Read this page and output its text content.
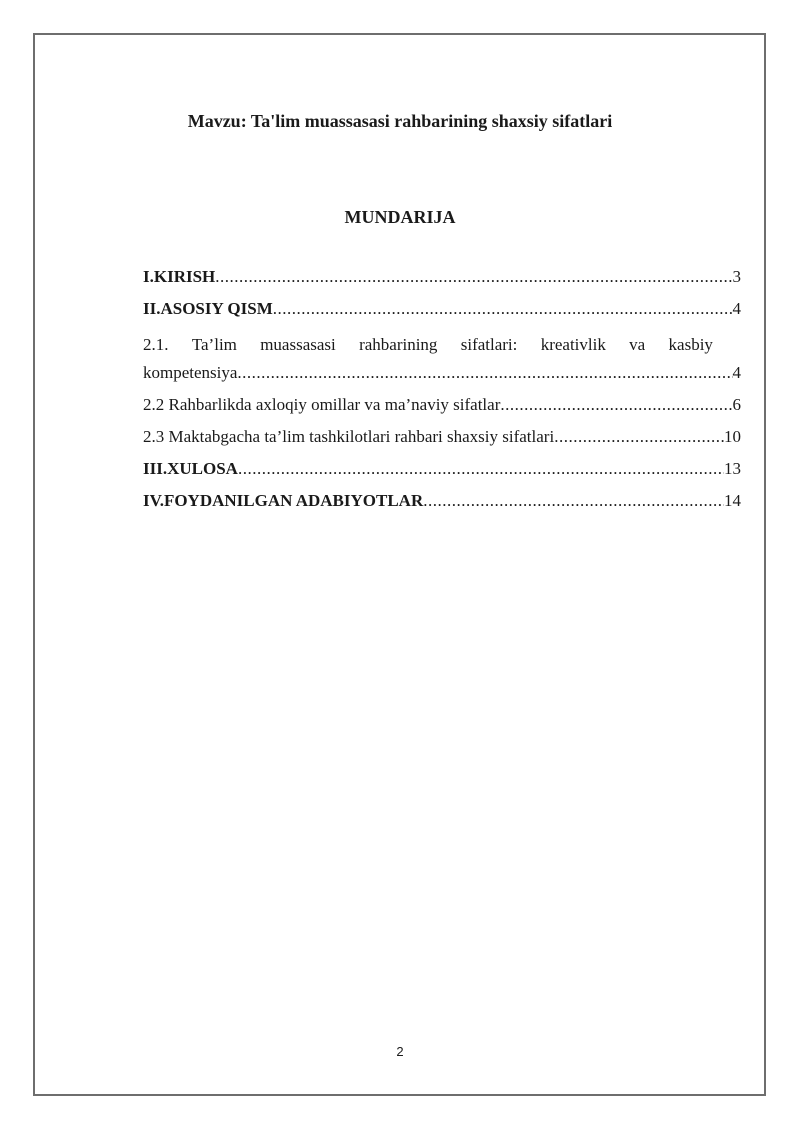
Mavzu: Ta'lim muassasasi rahbarining shaxsiy sifatlari
MUNDARIJA
I.KIRISH .....	3
II.ASOSIY QISM .....	4
2.1. Ta’lim muassasasi rahbarining sifatlari: kreativlik va kasbiy
kompetensiya .....	4
2.2 Rahbarlikda axloqiy omillar va ma’naviy sifatlar .....	6
2.3 Maktabgacha ta’lim tashkilotlari rahbari shaxsiy sifatlari .....	10
III.XULOSA .....	13
IV.FOYDANILGAN ADABIYOTLAR .....	14
2
